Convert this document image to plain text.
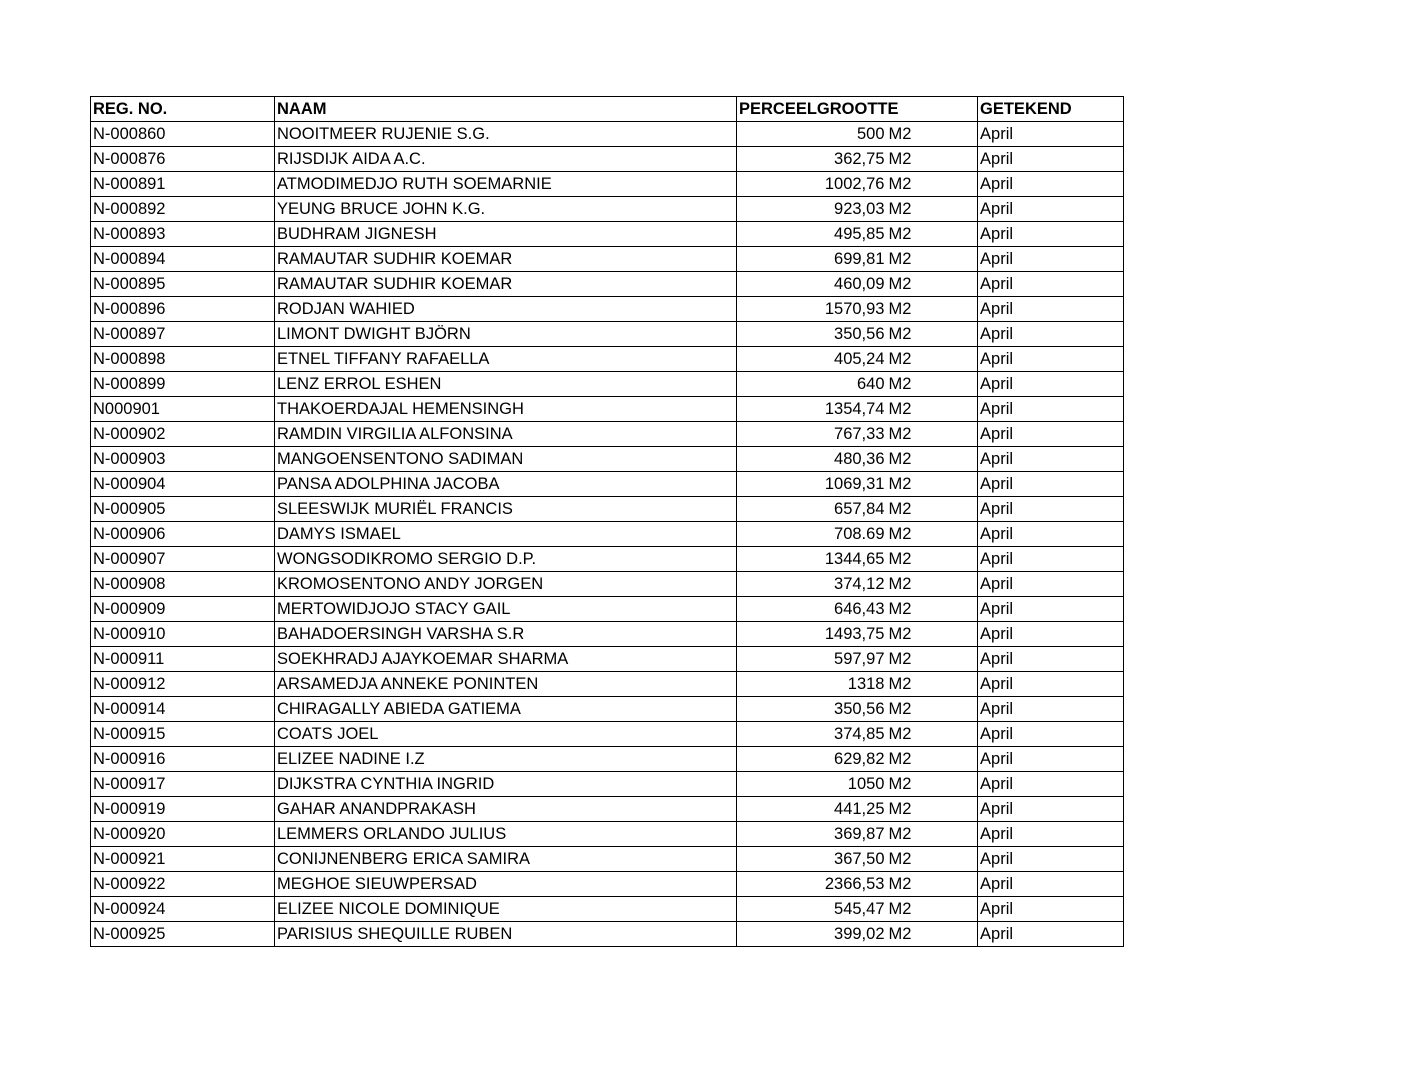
REG. NO.	NAAM	PERCEELGROOTTE		GETEKEND
N-000860	NOOITMEER RUJENIE S.G.	500	M2	April
N-000876	RIJSDIJK AIDA A.C.	362,75	M2	April
N-000891	ATMODIMEDJO RUTH SOEMARNIE	1002,76	M2	April
N-000892	YEUNG BRUCE JOHN K.G.	923,03	M2	April
N-000893	BUDHRAM JIGNESH	495,85	M2	April
N-000894	RAMAUTAR SUDHIR KOEMAR	699,81	M2	April
N-000895	RAMAUTAR SUDHIR KOEMAR	460,09	M2	April
N-000896	RODJAN WAHIED	1570,93	M2	April
N-000897	LIMONT DWIGHT BJÖRN	350,56	M2	April
N-000898	ETNEL TIFFANY RAFAELLA	405,24	M2	April
N-000899	LENZ ERROL ESHEN	640	M2	April
N000901	THAKOERDAJAL HEMENSINGH	1354,74	M2	April
N-000902	RAMDIN VIRGILIA ALFONSINA	767,33	M2	April
N-000903	MANGOENSENTONO SADIMAN	480,36	M2	April
N-000904	PANSA ADOLPHINA JACOBA	1069,31	M2	April
N-000905	SLEESWIJK MURIËL FRANCIS	657,84	M2	April
N-000906	DAMYS ISMAEL	708.69	M2	April
N-000907	WONGSODIKROMO SERGIO D.P.	1344,65	M2	April
N-000908	KROMOSENTONO ANDY JORGEN	374,12	M2	April
N-000909	MERTOWIDJOJO STACY GAIL	646,43	M2	April
N-000910	BAHADOERSINGH VARSHA S.R	1493,75	M2	April
N-000911	SOEKHRADJ AJAYKOEMAR SHARMA	597,97	M2	April
N-000912	ARSAMEDJA ANNEKE PONINTEN	1318	M2	April
N-000914	CHIRAGALLY ABIEDA GATIEMA	350,56	M2	April
N-000915	COATS JOEL	374,85	M2	April
N-000916	ELIZEE NADINE I.Z	629,82	M2	April
N-000917	DIJKSTRA CYNTHIA INGRID	1050	M2	April
N-000919	GAHAR ANANDPRAKASH	441,25	M2	April
N-000920	LEMMERS ORLANDO JULIUS	369,87	M2	April
N-000921	CONIJNENBERG ERICA SAMIRA	367,50	M2	April
N-000922	MEGHOE SIEUWPERSAD	2366,53	M2	April
N-000924	ELIZEE NICOLE DOMINIQUE	545,47	M2	April
N-000925	PARISIUS SHEQUILLE RUBEN	399,02	M2	April
